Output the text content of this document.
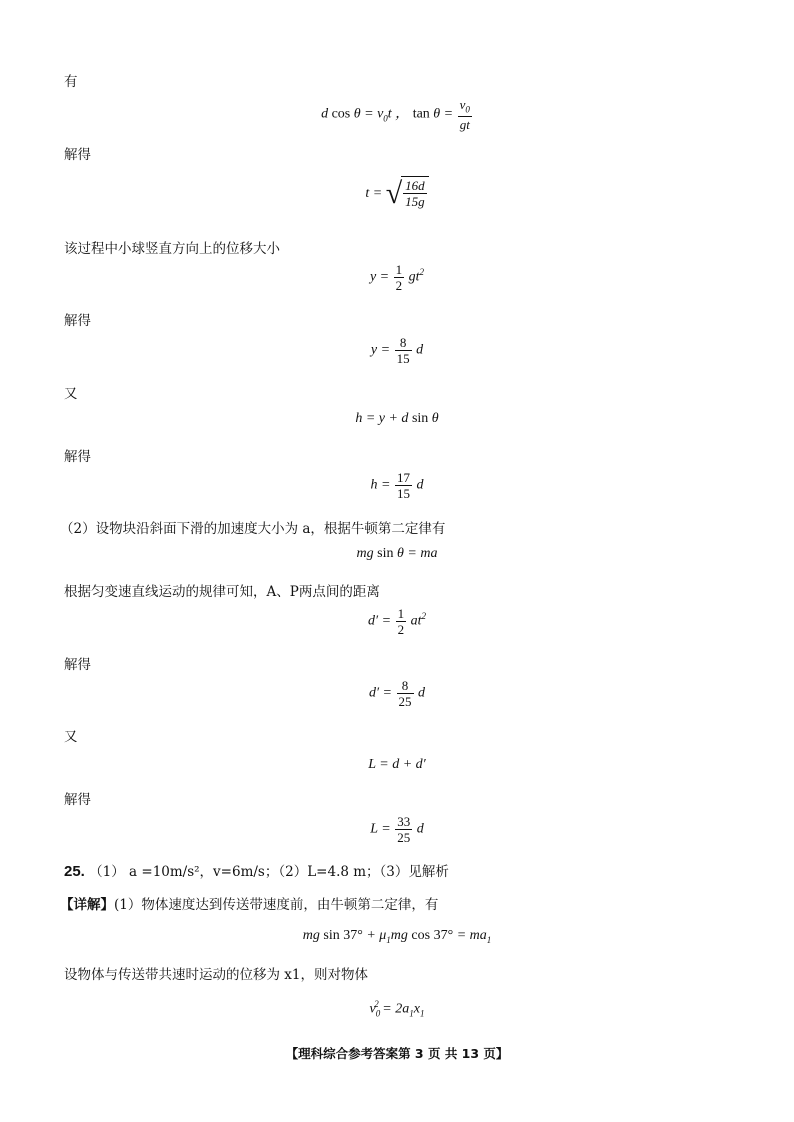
有
d $\cos \theta = v_0t$ ， $\tan \theta = \frac{v_0}{gt}$
解得
t = √ $\frac{16d}{15g}$
该过程中小球竖直方向上的位移大小
$y = \frac{1}{2} gt^2$
解得
$y = \frac{8}{15}$ d
又
h = y + d sin θ
解得
$h = \frac{17}{15}$ d
（2）设物块沿斜面下滑的加速度大小为 a，根据牛顿第二定律有
mg sin θ = ma
根据匀变速直线运动的规律可知，A、P两点间的距离
$d' = \frac{1}{2} at^2$
解得
$d' = \frac{8}{25}$ d
又
L = d + d′
解得
$L = \frac{33}{25}$ d
25. （1） a =10m/s²，v=6m/s；（2）L=4.8 m；（3）见解析
【详解】(1）物体速度达到传送带速度前，由牛顿第二定律，有
mg $\sin 37^\circ + \mu_1mg$ $\cos 37^\circ = ma_1$
设物体与传送带共速时运动的位移为 x1，则对物体
$v_0^2 = 2a_1x_1$
【理科综合参考答案第 3 页 共 13 页】
